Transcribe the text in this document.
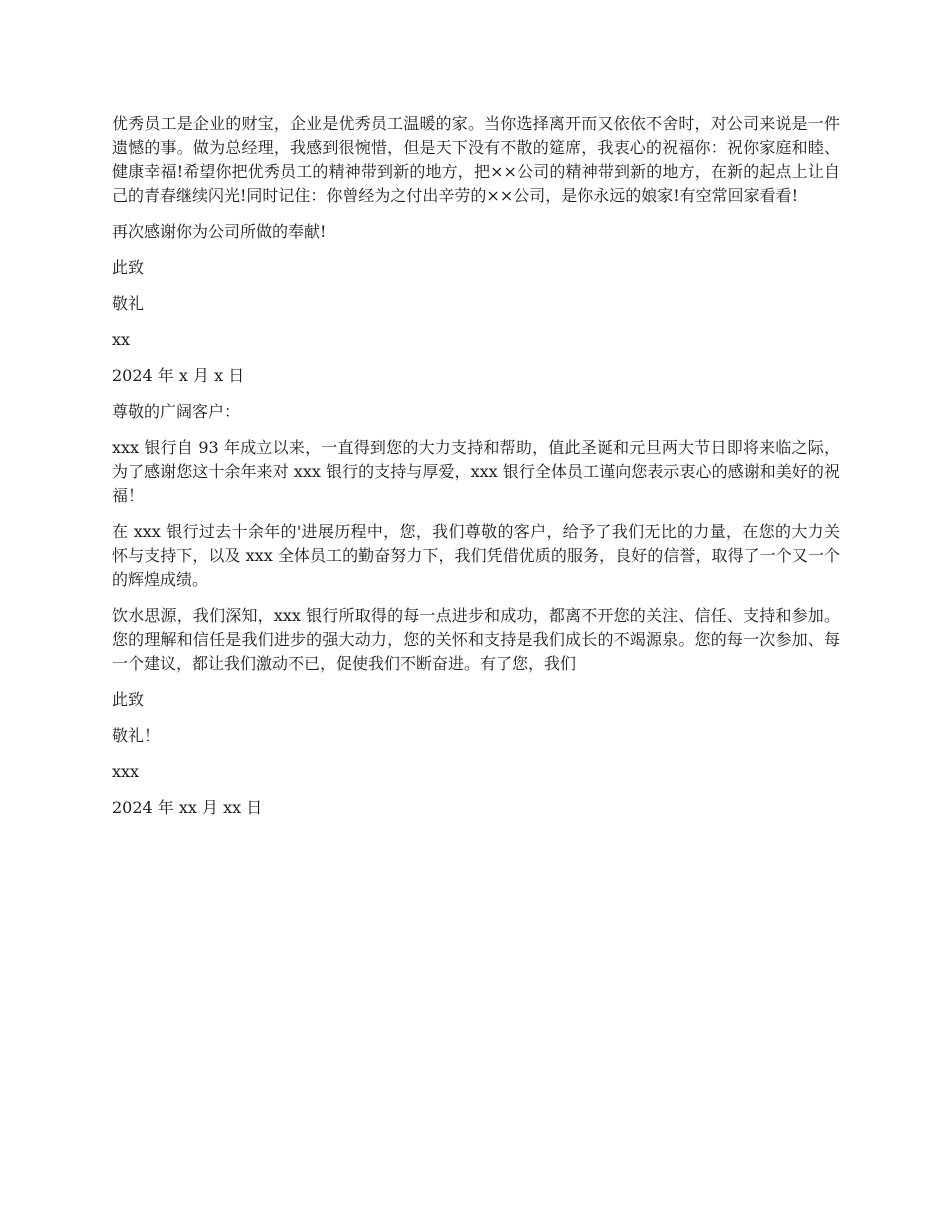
优秀员工是企业的财宝，企业是优秀员工温暖的家。当你选择离开而又依依不舍时，对公司来说是一件遗憾的事。做为总经理，我感到很惋惜，但是天下没有不散的筵席，我衷心的祝福你：祝你家庭和睦、健康幸福!希望你把优秀员工的精神带到新的地方，把××公司的精神带到新的地方，在新的起点上让自己的青春继续闪光!同时记住：你曾经为之付出辛劳的××公司，是你永远的娘家!有空常回家看看!

再次感谢你为公司所做的奉献!

此致

敬礼

xx

2024 年 x 月 x 日

尊敬的广阔客户：

xxx 银行自 93 年成立以来，一直得到您的大力支持和帮助，值此圣诞和元旦两大节日即将来临之际，为了感谢您这十余年来对 xxx 银行的支持与厚爱，xxx 银行全体员工谨向您表示衷心的感谢和美好的祝福！

在 xxx 银行过去十余年的'进展历程中，您，我们尊敬的客户，给予了我们无比的力量，在您的大力关怀与支持下，以及 xxx 全体员工的勤奋努力下，我们凭借优质的服务，良好的信誉，取得了一个又一个的辉煌成绩。

饮水思源，我们深知，xxx 银行所取得的每一点进步和成功，都离不开您的关注、信任、支持和参加。您的理解和信任是我们进步的强大动力，您的关怀和支持是我们成长的不竭源泉。您的每一次参加、每一个建议，都让我们激动不已，促使我们不断奋进。有了您，我们

此致

敬礼！

xxx

2024 年 xx 月 xx 日
